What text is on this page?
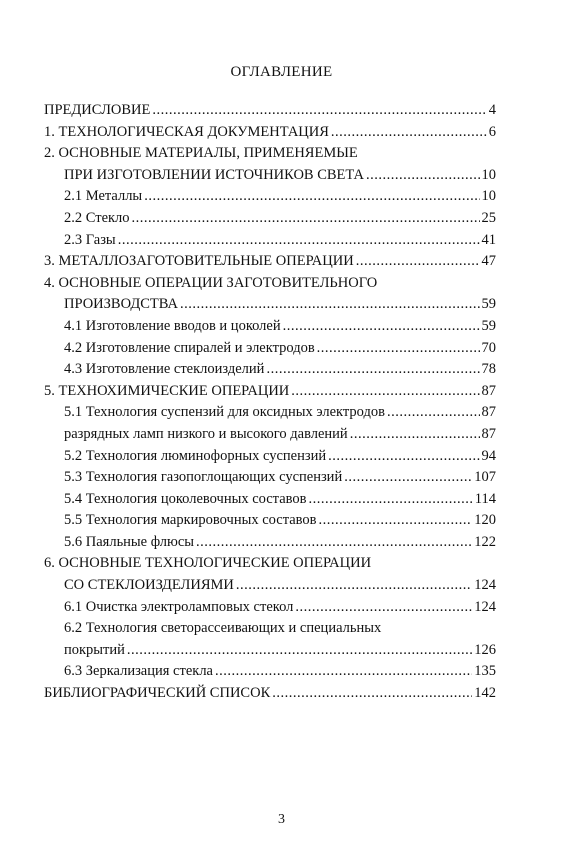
ОГЛАВЛЕНИЕ
ПРЕДИСЛОВИЕ .....	4
1. ТЕХНОЛОГИЧЕСКАЯ ДОКУМЕНТАЦИЯ .....	6
2. ОСНОВНЫЕ МАТЕРИАЛЫ, ПРИМЕНЯЕМЫЕ
ПРИ ИЗГОТОВЛЕНИИ ИСТОЧНИКОВ СВЕТА .....	10
2.1 Металлы .....	10
2.2 Стекло .....	25
2.3 Газы .....	41
3. МЕТАЛЛОЗАГОТОВИТЕЛЬНЫЕ ОПЕРАЦИИ .....	47
4. ОСНОВНЫЕ ОПЕРАЦИИ ЗАГОТОВИТЕЛЬНОГО
ПРОИЗВОДСТВА .....	59
4.1 Изготовление вводов и цоколей .....	59
4.2 Изготовление спиралей и электродов .....	70
4.3 Изготовление стеклоизделий .....	78
5. ТЕХНОХИМИЧЕСКИЕ ОПЕРАЦИИ .....	87
5.1 Технология суспензий для оксидных электродов .....	87
разрядных ламп низкого и высокого давлений .....	87
5.2 Технология люминофорных суспензий .....	94
5.3 Технология газопоглощающих суспензий .....	107
5.4 Технология цоколевочных составов .....	114
5.5 Технология маркировочных составов .....	120
5.6 Паяльные флюсы .....	122
6. ОСНОВНЫЕ ТЕХНОЛОГИЧЕСКИЕ ОПЕРАЦИИ
СО СТЕКЛОИЗДЕЛИЯМИ .....	124
6.1 Очистка электроламповых стекол .....	124
6.2 Технология светорассеивающих и специальных
покрытий .....	126
6.3 Зеркализация стекла .....	135
БИБЛИОГРАФИЧЕСКИЙ СПИСОК .....	142
3
